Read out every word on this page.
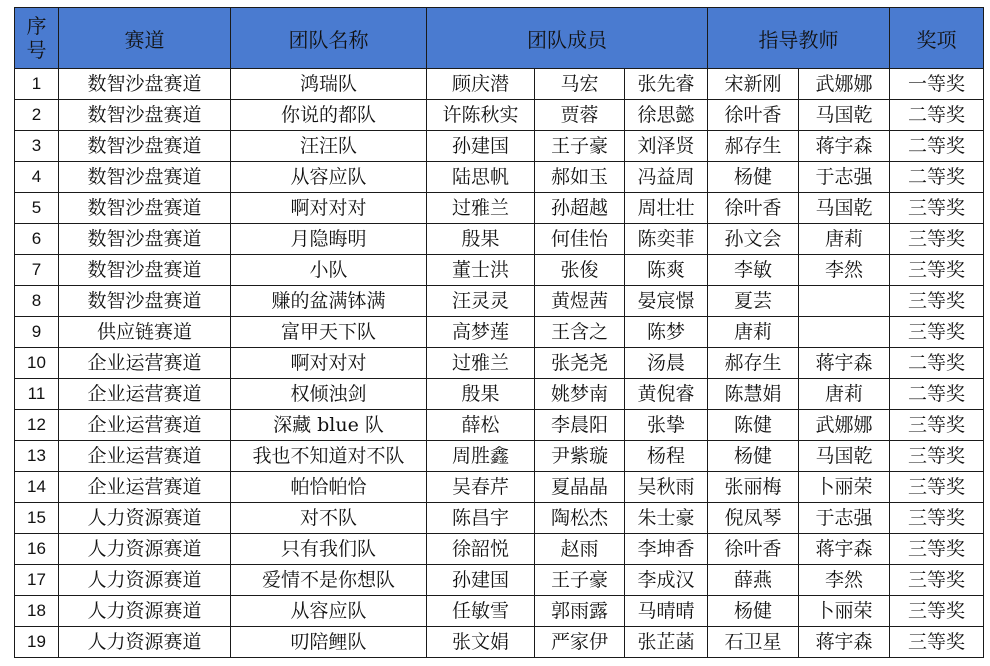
序
号	赛道	团队名称	团队成员			指导教师		奖项
1	数智沙盘赛道	鸿瑞队	顾庆潜	马宏	张先睿	宋新刚	武娜娜	一等奖
2	数智沙盘赛道	你说的都队	许陈秋实	贾蓉	徐思懿	徐叶香	马国乾	二等奖
3	数智沙盘赛道	汪汪队	孙建国	王子豪	刘泽贤	郝存生	蒋宇森	二等奖
4	数智沙盘赛道	从容应队	陆思帆	郝如玉	冯益周	杨健	于志强	二等奖
5	数智沙盘赛道	啊对对对	过雅兰	孙超越	周壮壮	徐叶香	马国乾	三等奖
6	数智沙盘赛道	月隐晦明	殷果	何佳怡	陈奕菲	孙文会	唐莉	三等奖
7	数智沙盘赛道	小队	董士洪	张俊	陈爽	李敏	李然	三等奖
8	数智沙盘赛道	赚的盆满钵满	汪灵灵	黄煜茜	晏宸憬	夏芸		三等奖
9	供应链赛道	富甲天下队	高梦莲	王含之	陈梦	唐莉		三等奖
10	企业运营赛道	啊对对对	过雅兰	张尧尧	汤晨	郝存生	蒋宇森	二等奖
11	企业运营赛道	权倾浊剑	殷果	姚梦南	黄倪睿	陈慧娟	唐莉	二等奖
12	企业运营赛道	深藏 blue 队	薛松	李晨阳	张挚	陈健	武娜娜	三等奖
13	企业运营赛道	我也不知道对不队	周胜鑫	尹紫璇	杨程	杨健	马国乾	三等奖
14	企业运营赛道	帕恰帕恰	吴春芹	夏晶晶	吴秋雨	张丽梅	卜丽荣	三等奖
15	人力资源赛道	对不队	陈昌宇	陶松杰	朱士豪	倪凤琴	于志强	三等奖
16	人力资源赛道	只有我们队	徐韶悦	赵雨	李坤香	徐叶香	蒋宇森	三等奖
17	人力资源赛道	爱情不是你想队	孙建国	王子豪	李成汉	薛燕	李然	三等奖
18	人力资源赛道	从容应队	任敏雪	郭雨露	马晴晴	杨健	卜丽荣	三等奖
19	人力资源赛道	叨陪鲤队	张文娟	严家伊	张芷菡	石卫星	蒋宇森	三等奖
